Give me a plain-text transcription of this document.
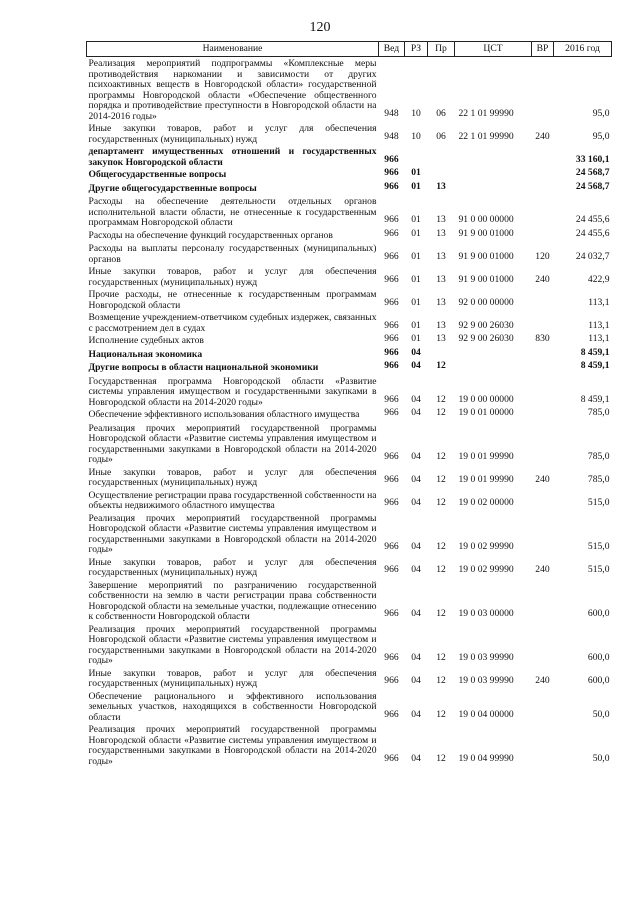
120
Наименование	Вед	РЗ	Пр	ЦСТ	ВР	2016 год
Реализация мероприятий подпрограммы «Комплексные меры противодействия наркомании и зависимости от других психоактивных веществ в Новгородской области» государственной программы Новгородской области «Обеспечение общественного порядка и противодействие преступности в Новгородской области на 2014-2016 годы»	948	10	06	22 1 01 99990		95,0
Иные закупки товаров, работ и услуг для обеспечения государственных (муниципальных) нужд	948	10	06	22 1 01 99990	240	95,0
департамент имущественных отношений и государственных закупок Новгородской области	966					33 160,1
Общегосударственные вопросы	966	01				24 568,7
Другие общегосударственные вопросы	966	01	13			24 568,7
Расходы на обеспечение деятельности отдельных органов исполнительной власти области, не отнесенные к государственным программам Новгородской области	966	01	13	91 0 00 00000		24 455,6
Расходы на обеспечение функций государственных органов	966	01	13	91 9 00 01000		24 455,6
Расходы на выплаты персоналу государственных (муниципальных) органов	966	01	13	91 9 00 01000	120	24 032,7
Иные закупки товаров, работ и услуг для обеспечения государственных (муниципальных) нужд	966	01	13	91 9 00 01000	240	422,9
Прочие расходы, не отнесенные к государственным программам Новгородской области	966	01	13	92 0 00 00000		113,1
Возмещение учреждением-ответчиком судебных издержек, связанных с рассмотрением дел в судах	966	01	13	92 9 00 26030		113,1
Исполнение судебных актов	966	01	13	92 9 00 26030	830	113,1
Национальная экономика	966	04				8 459,1
Другие вопросы в области национальной экономики	966	04	12			8 459,1
Государственная программа Новгородской области «Развитие системы управления имуществом и государственными закупками в Новгородской области на 2014-2020 годы»	966	04	12	19 0 00 00000		8 459,1
Обеспечение эффективного использования областного имущества	966	04	12	19 0 01 00000		785,0
Реализация прочих мероприятий государственной программы Новгородской области «Развитие системы управления имуществом и государственными закупками в Новгородской области на 2014-2020 годы»	966	04	12	19 0 01 99990		785,0
Иные закупки товаров, работ и услуг для обеспечения государственных (муниципальных) нужд	966	04	12	19 0 01 99990	240	785,0
Осуществление регистрации права государственной собственности на объекты недвижимого областного имущества	966	04	12	19 0 02 00000		515,0
Реализация прочих мероприятий государственной программы Новгородской области «Развитие системы управления имуществом и государственными закупками в Новгородской области на 2014-2020 годы»	966	04	12	19 0 02 99990		515,0
Иные закупки товаров, работ и услуг для обеспечения государственных (муниципальных) нужд	966	04	12	19 0 02 99990	240	515,0
Завершение мероприятий по разграничению государственной собственности на землю в части регистрации права собственности Новгородской области на земельные участки, подлежащие отнесению к собственности Новгородской области	966	04	12	19 0 03 00000		600,0
Реализация прочих мероприятий государственной программы Новгородской области «Развитие системы управления имуществом и государственными закупками в Новгородской области на 2014-2020 годы»	966	04	12	19 0 03 99990		600,0
Иные закупки товаров, работ и услуг для обеспечения государственных (муниципальных) нужд	966	04	12	19 0 03 99990	240	600,0
Обеспечение рационального и эффективного использования земельных участков, находящихся в собственности Новгородской области	966	04	12	19 0 04 00000		50,0
Реализация прочих мероприятий государственной программы Новгородской области «Развитие системы управления имуществом и государственными закупками в Новгородской области на 2014-2020 годы»	966	04	12	19 0 04 99990		50,0
